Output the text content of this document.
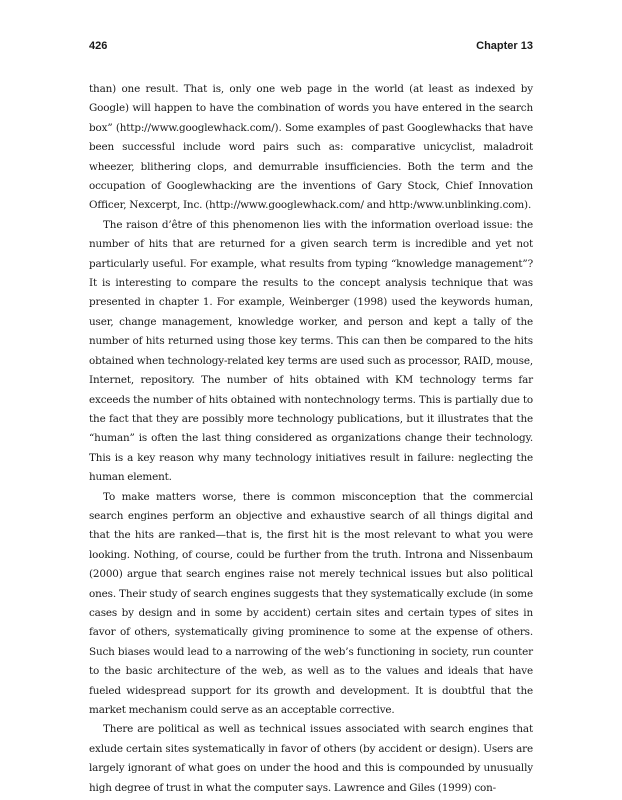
426	Chapter 13

than) one result. That is, only one web page in the world (at least as indexed by Google) will happen to have the combination of words you have entered in the search box” (http://www.googlewhack.com/). Some examples of past Googlewhacks that have been successful include word pairs such as: comparative unicyclist, maladroit wheezer, blithering clops, and demurrable insufficiencies. Both the term and the occupation of Googlewhacking are the inventions of Gary Stock, Chief Innovation Officer, Nexcerpt, Inc. (http://www.googlewhack.com/ and http:/www.unblinking.com).

The raison d’être of this phenomenon lies with the information overload issue: the number of hits that are returned for a given search term is incredible and yet not particularly useful. For example, what results from typing “knowledge management”? It is interesting to compare the results to the concept analysis technique that was presented in chapter 1. For example, Weinberger (1998) used the keywords human, user, change management, knowledge worker, and person and kept a tally of the number of hits returned using those key terms. This can then be compared to the hits obtained when technology-related key terms are used such as processor, RAID, mouse, Internet, repository. The number of hits obtained with KM technology terms far exceeds the number of hits obtained with nontechnology terms. This is partially due to the fact that they are possibly more technology publications, but it illustrates that the “human” is often the last thing considered as organizations change their technology. This is a key reason why many technology initiatives result in failure: neglecting the human element.

To make matters worse, there is common misconception that the commercial search engines perform an objective and exhaustive search of all things digital and that the hits are ranked—that is, the first hit is the most relevant to what you were looking. Nothing, of course, could be further from the truth. Introna and Nissenbaum (2000) argue that search engines raise not merely technical issues but also political ones. Their study of search engines suggests that they systematically exclude (in some cases by design and in some by accident) certain sites and certain types of sites in favor of others, systematically giving prominence to some at the expense of others. Such biases would lead to a narrowing of the web’s functioning in society, run counter to the basic architecture of the web, as well as to the values and ideals that have fueled widespread support for its growth and development. It is doubtful that the market mechanism could serve as an acceptable corrective.

There are political as well as technical issues associated with search engines that exlude certain sites systematically in favor of others (by accident or design). Users are largely ignorant of what goes on under the hood and this is compounded by unusually high degree of trust in what the computer says. Lawrence and Giles (1999) con-
